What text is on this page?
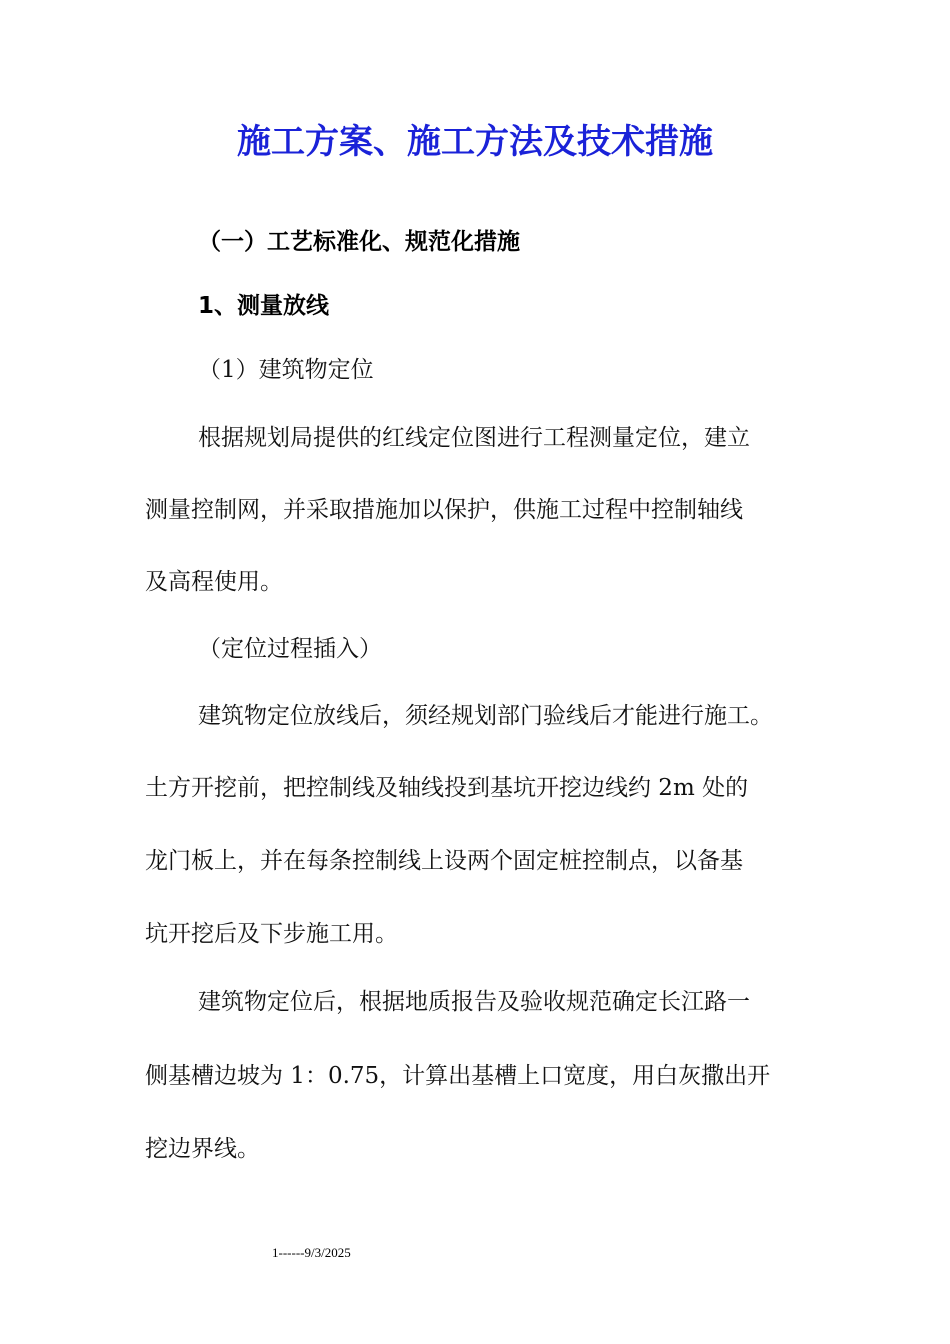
施工方案、施工方法及技术措施
（一）工艺标准化、规范化措施
1、测量放线
（1）建筑物定位
根据规划局提供的红线定位图进行工程测量定位，建立
测量控制网，并采取措施加以保护，供施工过程中控制轴线
及高程使用。
（定位过程插入）
建筑物定位放线后，须经规划部门验线后才能进行施工。
土方开挖前，把控制线及轴线投到基坑开挖边线约 2m 处的
龙门板上，并在每条控制线上设两个固定桩控制点，以备基
坑开挖后及下步施工用。
建筑物定位后，根据地质报告及验收规范确定长江路一
侧基槽边坡为 1：0.75，计算出基槽上口宽度，用白灰撒出开
挖边界线。
1------9/3/2025
